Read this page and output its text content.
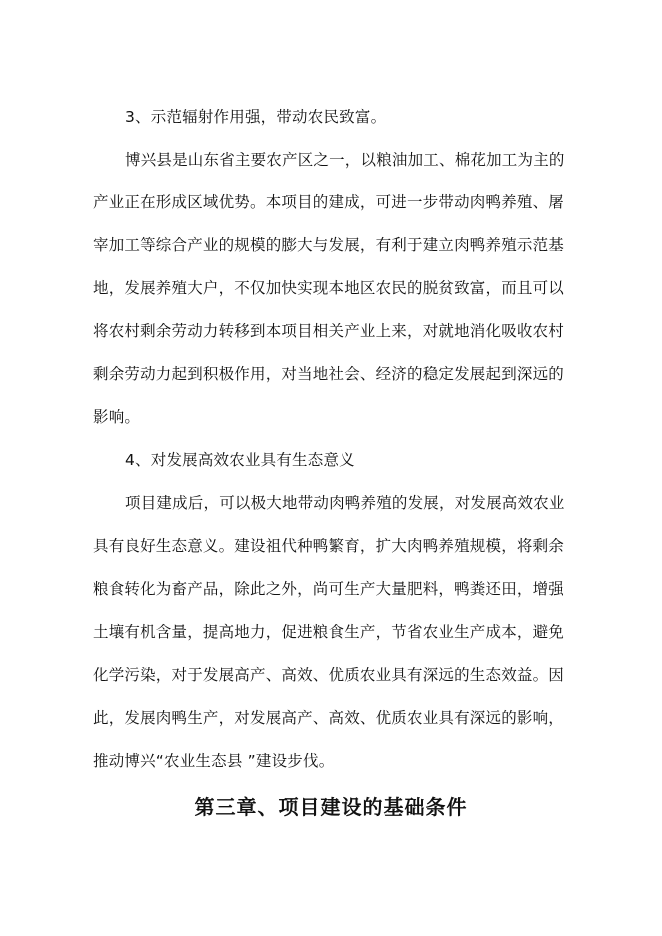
3、示范辐射作用强，带动农民致富。
博兴县是山东省主要农产区之一，以粮油加工、棉花加工为主的
产业正在形成区域优势。本项目的建成，可进一步带动肉鸭养殖、屠
宰加工等综合产业的规模的膨大与发展，有利于建立肉鸭养殖示范基
地，发展养殖大户，不仅加快实现本地区农民的脱贫致富，而且可以
将农村剩余劳动力转移到本项目相关产业上来，对就地消化吸收农村
剩余劳动力起到积极作用，对当地社会、经济的稳定发展起到深远的
影响。
4、对发展高效农业具有生态意义
项目建成后，可以极大地带动肉鸭养殖的发展，对发展高效农业
具有良好生态意义。建设祖代种鸭繁育，扩大肉鸭养殖规模，将剩余
粮食转化为畜产品，除此之外，尚可生产大量肥料，鸭粪还田，增强
土壤有机含量，提高地力，促进粮食生产，节省农业生产成本，避免
化学污染，对于发展高产、高效、优质农业具有深远的生态效益。因
此，发展肉鸭生产，对发展高产、高效、优质农业具有深远的影响，
推动博兴“农业生态县 ”建设步伐。
第三章、项目建设的基础条件
